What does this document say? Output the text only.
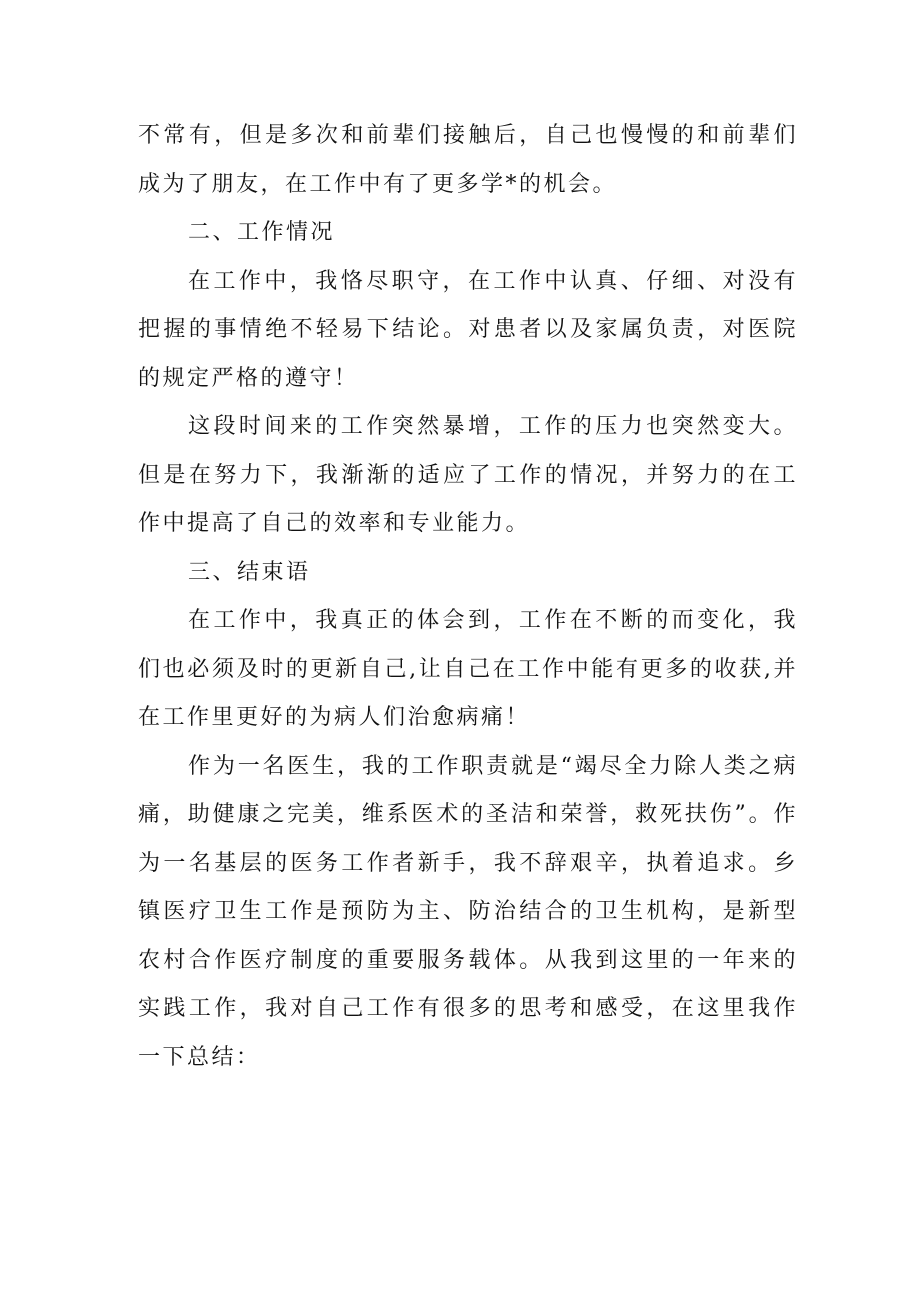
不常有，但是多次和前辈们接触后，自己也慢慢的和前辈们成为了朋友，在工作中有了更多学*的机会。

二、工作情况

在工作中，我恪尽职守，在工作中认真、仔细、对没有把握的事情绝不轻易下结论。对患者以及家属负责，对医院的规定严格的遵守！

这段时间来的工作突然暴增，工作的压力也突然变大。但是在努力下，我渐渐的适应了工作的情况，并努力的在工作中提高了自己的效率和专业能力。

三、结束语

在工作中，我真正的体会到，工作在不断的而变化，我们也必须及时的更新自己,让自己在工作中能有更多的收获,并在工作里更好的为病人们治愈病痛！

作为一名医生，我的工作职责就是“竭尽全力除人类之病痛，助健康之完美，维系医术的圣洁和荣誉，救死扶伤”。作为一名基层的医务工作者新手，我不辞艰辛，执着追求。乡镇医疗卫生工作是预防为主、防治结合的卫生机构，是新型农村合作医疗制度的重要服务载体。从我到这里的一年来的实践工作，我对自己工作有很多的思考和感受，在这里我作一下总结：
